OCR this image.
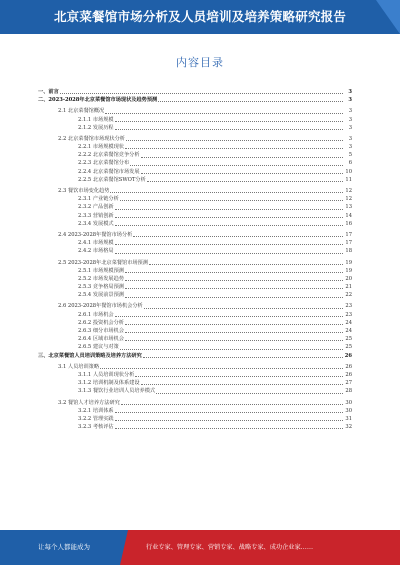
北京菜餐馆市场分析及人员培训及培养策略研究报告
内容目录
一、前言	3
二、2023-2028年北京菜餐馆市场现状及趋势预测	3
2.1 北京菜餐馆概况	3
2.1.1 市场规模	3
2.1.2 发展历程	3
2.2 北京菜餐馆市场现状分析	3
2.2.1 市场规模现状	3
2.2.2 北京菜餐馆竞争分析	5
2.2.3 北京菜餐馆分布	6
2.2.4 北京菜餐馆市场发展	10
2.2.5 北京菜餐馆SWOT分析	11
2.3 餐饮市场变化趋势	12
2.3.1 产业链分析	12
2.3.2 产品创新	13
2.3.3 营销创新	14
2.3.4 发展模式	16
2.4 2023-2028年餐馆市场分析	17
2.4.1 市场规模	17
2.4.2 市场格局	18
2.5 2023-2028年北京菜餐馆市场预测	19
2.5.1 市场规模预测	19
2.5.2 市场发展趋势	20
2.5.3 竞争格局预测	21
2.5.4 发展前景预测	22
2.6 2023-2028年餐馆市场机会分析	23
2.6.1 市场机会	23
2.6.2 投资机会分析	24
2.6.3 细分市场机会	24
2.6.4 区域市场机会	25
2.6.5 建议与对策	25
三、北京菜餐馆人员培训策略及培养方法研究	26
3.1 人员培训策略	26
3.1.1 人员培训现状分析	26
3.1.2 培训机制及体系建设	27
3.1.3 餐饮行业培训人员培养模式	28
3.2 餐馆人才培养方法研究	30
3.2.1 培训体系	30
3.2.2 管理实践	31
3.2.3 考核评估	32
让每个人都能成为	行业专家、管理专家、营销专家、战略专家、成功企业家……
